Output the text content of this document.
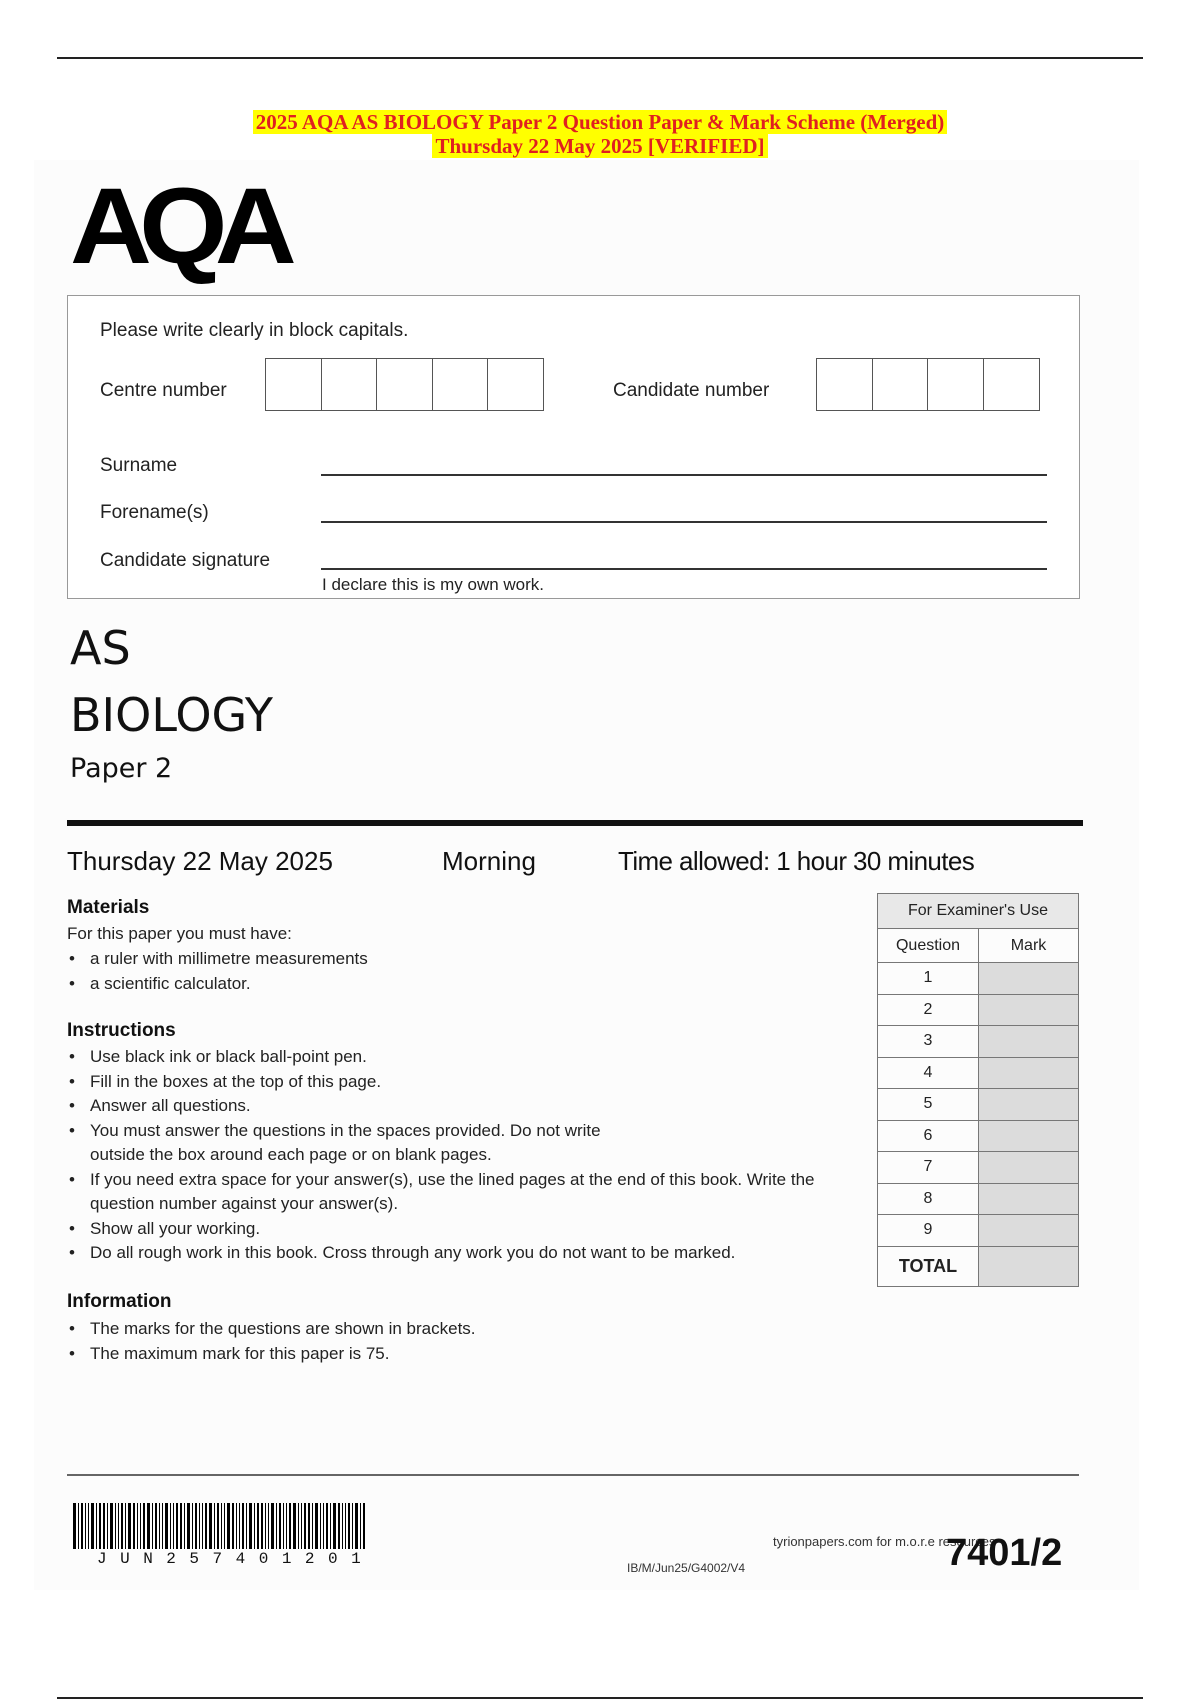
2025 AQA AS BIOLOGY Paper 2 Question Paper & Mark Scheme (Merged)
Thursday 22 May 2025 [VERIFIED]
AQA
Please write clearly in block capitals.
Centre number	Candidate number
Surname
Forename(s)
Candidate signature
I declare this is my own work.
AS
BIOLOGY
Paper 2
Thursday 22 May 2025	Morning	Time allowed: 1 hour 30 minutes
Materials
For this paper you must have:
• a ruler with millimetre measurements
• a scientific calculator.
Instructions
• Use black ink or black ball-point pen.
• Fill in the boxes at the top of this page.
• Answer all questions.
• You must answer the questions in the spaces provided. Do not write outside the box around each page or on blank pages.
• If you need extra space for your answer(s), use the lined pages at the end of this book. Write the question number against your answer(s).
• Show all your working.
• Do all rough work in this book. Cross through any work you do not want to be marked.
Information
• The marks for the questions are shown in brackets.
• The maximum mark for this paper is 75.
For Examiner's Use	
Question	Mark
1	
2	
3	
4	
5	
6	
7	
8	
9	
TOTAL	
JUN257401201	IB/M/Jun25/G4002/V4
tyrionpapers.com for m.o.r.e resources
7401/2
